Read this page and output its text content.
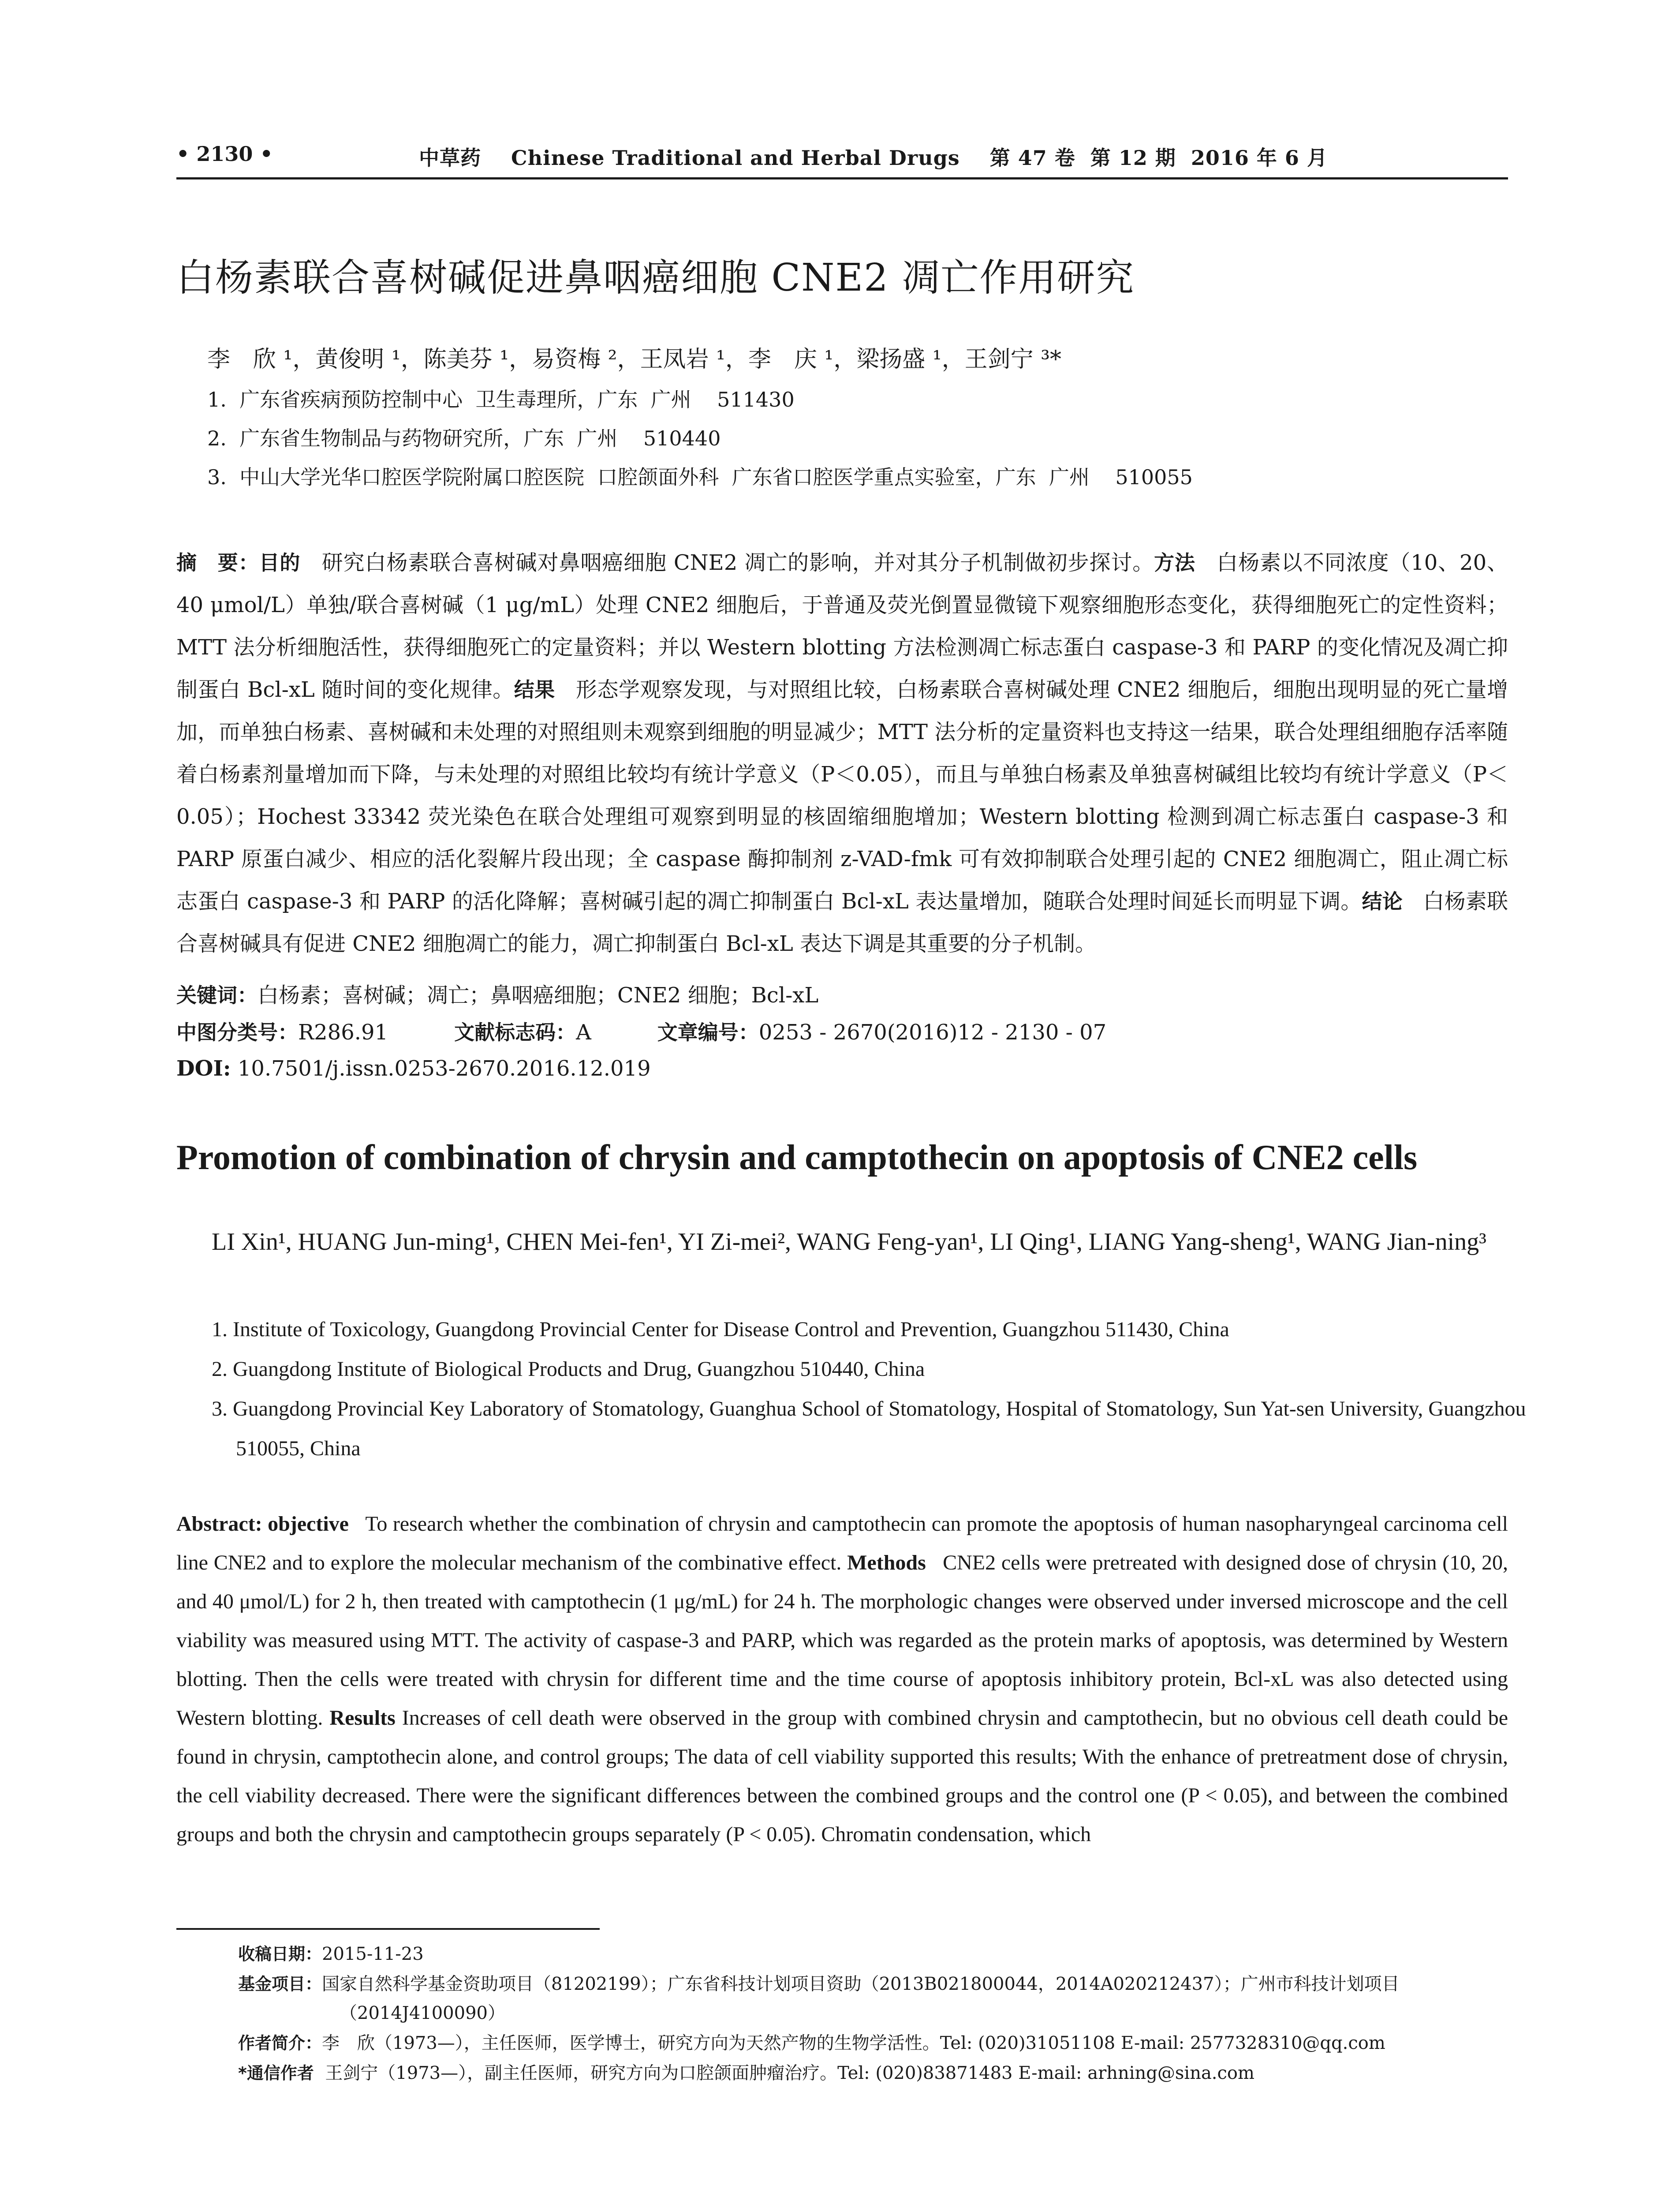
• 2130 •	中草药    Chinese Traditional and Herbal Drugs    第 47 卷  第 12 期  2016 年 6 月
白杨素联合喜树碱促进鼻咽癌细胞 CNE2 凋亡作用研究
李　欣 ¹，黄俊明 ¹，陈美芬 ¹，易资梅 ²，王凤岩 ¹，李　庆 ¹，梁扬盛 ¹，王剑宁 ³*
1.  广东省疾病预防控制中心  卫生毒理所，广东  广州    511430
2.  广东省生物制品与药物研究所，广东  广州    510440
3.  中山大学光华口腔医学院附属口腔医院  口腔颌面外科  广东省口腔医学重点实验室，广东  广州    510055
摘　要：目的 研究白杨素联合喜树碱对鼻咽癌细胞 CNE2 凋亡的影响，并对其分子机制做初步探讨。方法 白杨素以不同浓度（10、20、40 μmol/L）单独/联合喜树碱（1 μg/mL）处理 CNE2 细胞后，于普通及荧光倒置显微镜下观察细胞形态变化，获得细胞死亡的定性资料；MTT 法分析细胞活性，获得细胞死亡的定量资料；并以 Western blotting 方法检测凋亡标志蛋白 caspase-3 和 PARP 的变化情况及凋亡抑制蛋白 Bcl-xL 随时间的变化规律。结果 形态学观察发现，与对照组比较，白杨素联合喜树碱处理 CNE2 细胞后，细胞出现明显的死亡量增加，而单独白杨素、喜树碱和未处理的对照组则未观察到细胞的明显减少；MTT 法分析的定量资料也支持这一结果，联合处理组细胞存活率随着白杨素剂量增加而下降，与未处理的对照组比较均有统计学意义（P＜0.05），而且与单独白杨素及单独喜树碱组比较均有统计学意义（P＜0.05）；Hochest 33342 荧光染色在联合处理组可观察到明显的核固缩细胞增加；Western blotting 检测到凋亡标志蛋白 caspase-3 和 PARP 原蛋白减少、相应的活化裂解片段出现；全 caspase 酶抑制剂 z-VAD-fmk 可有效抑制联合处理引起的 CNE2 细胞凋亡，阻止凋亡标志蛋白 caspase-3 和 PARP 的活化降解；喜树碱引起的凋亡抑制蛋白 Bcl-xL 表达量增加，随联合处理时间延长而明显下调。结论 白杨素联合喜树碱具有促进 CNE2 细胞凋亡的能力，凋亡抑制蛋白 Bcl-xL 表达下调是其重要的分子机制。
关键词：白杨素；喜树碱；凋亡；鼻咽癌细胞；CNE2 细胞；Bcl-xL
中图分类号：R286.91	文献标志码：A	文章编号：0253 - 2670(2016)12 - 2130 - 07
DOI: 10.7501/j.issn.0253-2670.2016.12.019
Promotion of combination of chrysin and camptothecin on apoptosis of CNE2 cells
LI Xin¹, HUANG Jun-ming¹, CHEN Mei-fen¹, YI Zi-mei², WANG Feng-yan¹, LI Qing¹, LIANG Yang-sheng¹, WANG Jian-ning³
1. Institute of Toxicology, Guangdong Provincial Center for Disease Control and Prevention, Guangzhou 511430, China
2. Guangdong Institute of Biological Products and Drug, Guangzhou 510440, China
3. Guangdong Provincial Key Laboratory of Stomatology, Guanghua School of Stomatology, Hospital of Stomatology, Sun Yat-sen University, Guangzhou 510055, China
Abstract: objective To research whether the combination of chrysin and camptothecin can promote the apoptosis of human nasopharyngeal carcinoma cell line CNE2 and to explore the molecular mechanism of the combinative effect. Methods CNE2 cells were pretreated with designed dose of chrysin (10, 20, and 40 μmol/L) for 2 h, then treated with camptothecin (1 μg/mL) for 24 h. The morphologic changes were observed under inversed microscope and the cell viability was measured using MTT. The activity of caspase-3 and PARP, which was regarded as the protein marks of apoptosis, was determined by Western blotting. Then the cells were treated with chrysin for different time and the time course of apoptosis inhibitory protein, Bcl-xL was also detected using Western blotting. Results Increases of cell death were observed in the group with combined chrysin and camptothecin, but no obvious cell death could be found in chrysin, camptothecin alone, and control groups; The data of cell viability supported this results; With the enhance of pretreatment dose of chrysin, the cell viability decreased. There were the significant differences between the combined groups and the control one (P < 0.05), and between the combined groups and both the chrysin and camptothecin groups separately (P < 0.05). Chromatin condensation, which
收稿日期：2015-11-23
基金项目：国家自然科学基金资助项目（81202199）；广东省科技计划项目资助（2013B021800044，2014A020212437）；广州市科技计划项目（2014J4100090）
作者简介：李　欣（1973—），主任医师，医学博士，研究方向为天然产物的生物学活性。Tel: (020)31051108 E-mail: 2577328310@qq.com
*通信作者 王剑宁（1973—），副主任医师，研究方向为口腔颌面肿瘤治疗。Tel: (020)83871483 E-mail: arhning@sina.com
